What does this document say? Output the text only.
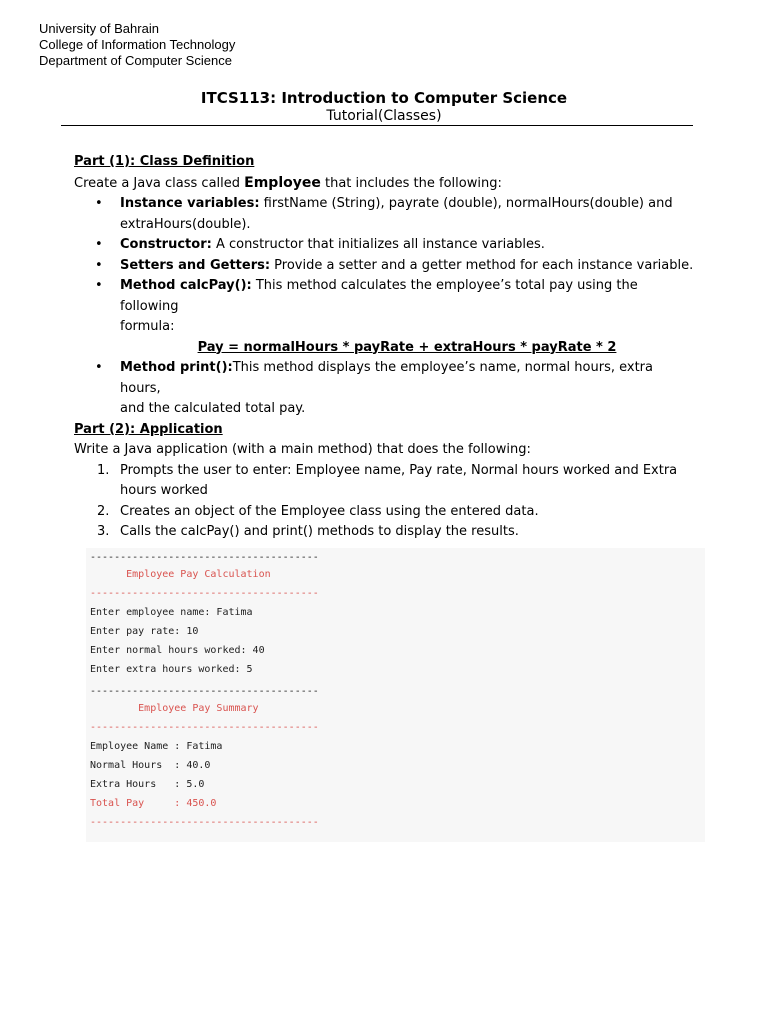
University of Bahrain
College of Information Technology
Department of Computer Science
ITCS113: Introduction to Computer Science
Tutorial(Classes)
Part (1): Class Definition
Create a Java class called Employee that includes the following:
• Instance variables: firstName (String), payrate (double), normalHours(double) and
extraHours(double).
• Constructor: A constructor that initializes all instance variables.
• Setters and Getters: Provide a setter and a getter method for each instance variable.
• Method calcPay(): This method calculates the employee’s total pay using the following
formula:
Pay = normalHours * payRate + extraHours * payRate * 2
• Method print():This method displays the employee’s name, normal hours, extra hours,
and the calculated total pay.
Part (2): Application
Write a Java application (with a main method) that does the following:
1. Prompts the user to enter: Employee name, Pay rate, Normal hours worked and Extra
hours worked
2. Creates an object of the Employee class using the entered data.
3. Calls the calcPay() and print() methods to display the results.
--------------------------------------
Employee Pay Calculation
--------------------------------------
Enter employee name: Fatima
Enter pay rate: 10
Enter normal hours worked: 40
Enter extra hours worked: 5
--------------------------------------
Employee Pay Summary
--------------------------------------
Employee Name : Fatima
Normal Hours  : 40.0
Extra Hours   : 5.0
Total Pay     : 450.0
--------------------------------------
